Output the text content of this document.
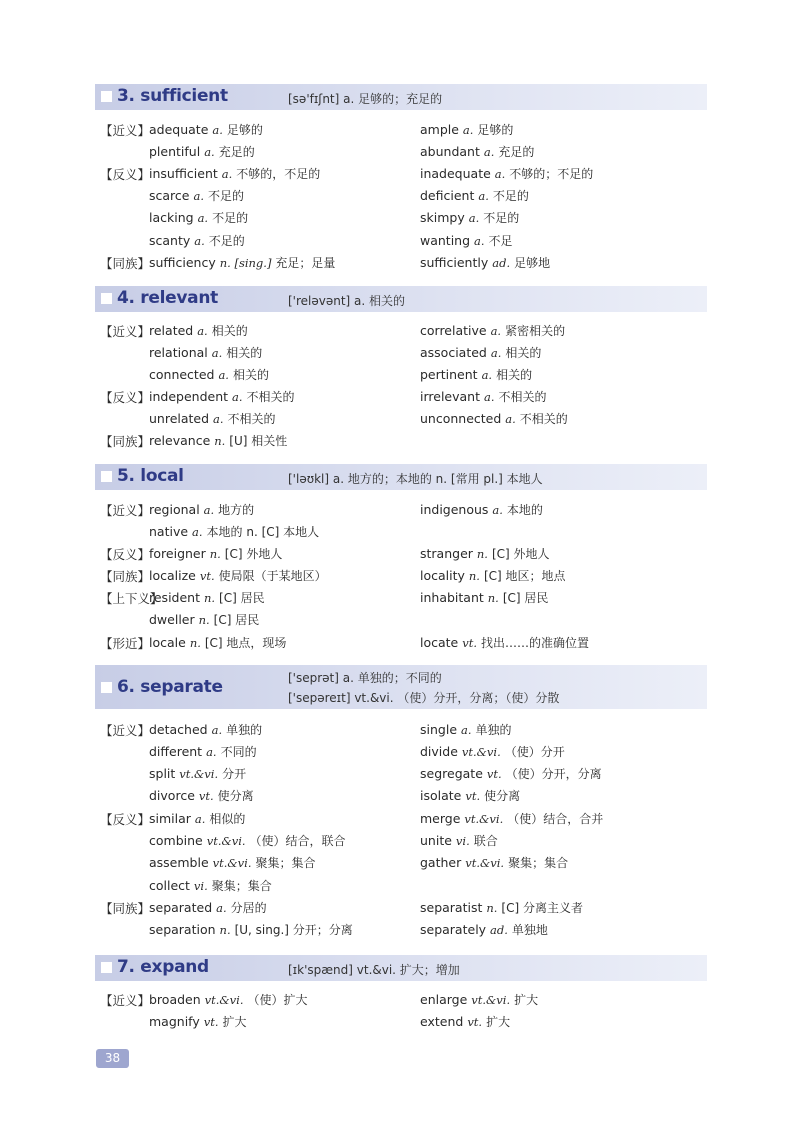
3. sufficient	[sə'fɪʃnt] a. 足够的；充足的
【近义】
adequate a. 足够的	ample a. 足够的
plentiful a. 充足的	abundant a. 充足的
【反义】
insufficient a. 不够的，不足的	inadequate a. 不够的；不足的
scarce a. 不足的	deficient a. 不足的
lacking a. 不足的	skimpy a. 不足的
scanty a. 不足的	wanting a. 不足
【同族】
sufficiency n. [sing.] 充足；足量	sufficiently ad. 足够地
4. relevant	['reləvənt] a. 相关的
【近义】
related a. 相关的	correlative a. 紧密相关的
relational a. 相关的	associated a. 相关的
connected a. 相关的	pertinent a. 相关的
【反义】
independent a. 不相关的	irrelevant a. 不相关的
unrelated a. 不相关的	unconnected a. 不相关的
【同族】
relevance n. [U] 相关性
5. local	['ləʊkl] a. 地方的；本地的 n. [常用 pl.] 本地人
【近义】
regional a. 地方的	indigenous a. 本地的
native a. 本地的 n. [C] 本地人
【反义】
foreigner n. [C] 外地人	stranger n. [C] 外地人
【同族】
localize vt. 使局限（于某地区）	locality n. [C] 地区；地点
【上下义】
resident n. [C] 居民	inhabitant n. [C] 居民
dweller n. [C] 居民
【形近】
locale n. [C] 地点，现场	locate vt. 找出……的准确位置
6. separate	['seprət] a. 单独的；不同的
['sepəreɪt] vt.&vi. （使）分开，分离；（使）分散
【近义】
detached a. 单独的	single a. 单独的
different a. 不同的	divide vt.&vi. （使）分开
split vt.&vi. 分开	segregate vt. （使）分开，分离
divorce vt. 使分离	isolate vt. 使分离
【反义】
similar a. 相似的	merge vt.&vi. （使）结合，合并
combine vt.&vi. （使）结合，联合	unite vi. 联合
assemble vt.&vi. 聚集；集合	gather vt.&vi. 聚集；集合
collect vi. 聚集；集合
【同族】
separated a. 分居的	separatist n. [C] 分离主义者
separation n. [U, sing.] 分开；分离	separately ad. 单独地
7. expand	[ɪk'spænd] vt.&vi. 扩大；增加
【近义】
broaden vt.&vi. （使）扩大	enlarge vt.&vi. 扩大
magnify vt. 扩大	extend vt. 扩大
38
